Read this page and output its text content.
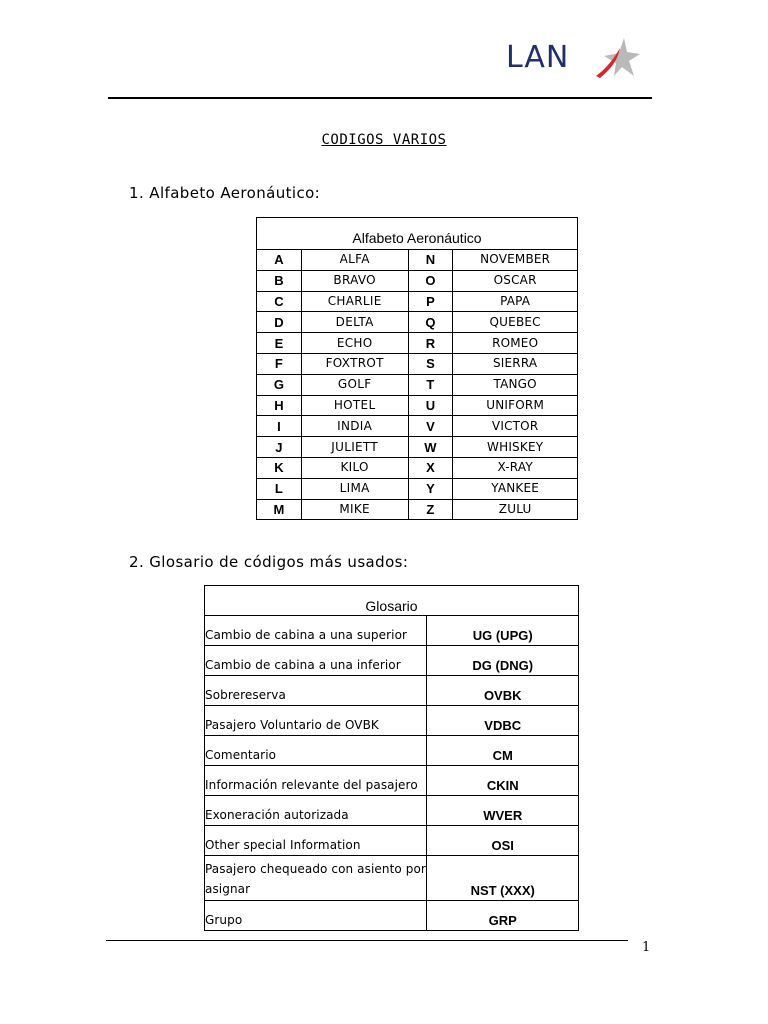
LAN
CODIGOS VARIOS
1. Alfabeto Aeronáutico:
Alfabeto Aeronáutico			
A	ALFA	N	NOVEMBER
B	BRAVO	O	OSCAR
C	CHARLIE	P	PAPA
D	DELTA	Q	QUEBEC
E	ECHO	R	ROMEO
F	FOXTROT	S	SIERRA
G	GOLF	T	TANGO
H	HOTEL	U	UNIFORM
I	INDIA	V	VICTOR
J	JULIETT	W	WHISKEY
K	KILO	X	X-RAY
L	LIMA	Y	YANKEE
M	MIKE	Z	ZULU
2. Glosario de códigos más usados:
Glosario	
Cambio de cabina a una superior	UG (UPG)
Cambio de cabina a una inferior	DG (DNG)
Sobrereserva	OVBK
Pasajero Voluntario de OVBK	VDBC
Comentario	CM
Información relevante del pasajero	CKIN
Exoneración autorizada	WVER
Other special Information	OSI
Pasajero chequeado con asiento por asignar	NST (XXX)
Grupo	GRP
1
